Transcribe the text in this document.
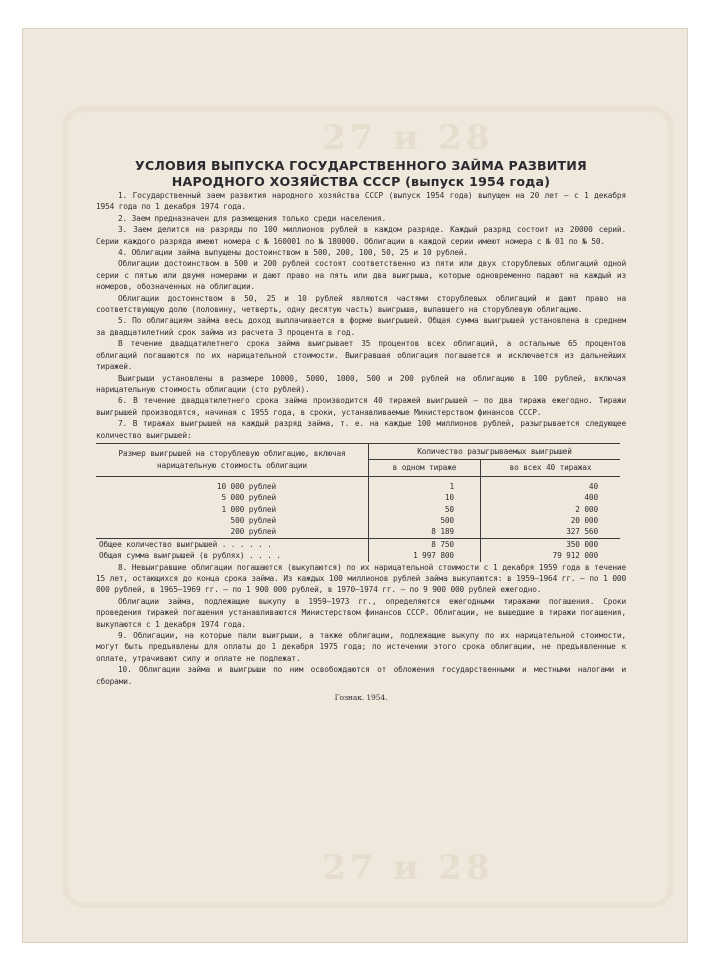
27 и 28
27 и 28
УСЛОВИЯ ВЫПУСКА ГОСУДАРСТВЕННОГО ЗАЙМА РАЗВИТИЯ
НАРОДНОГО ХОЗЯЙСТВА СССР (выпуск 1954 года)

1. Государственный заем развития народного хозяйства СССР (выпуск 1954 года) выпущен на 20 лет — с 1 декабря 1954 года по 1 декабря 1974 года.

2. Заем предназначен для размещения только среди населения.

3. Заем делится на разряды по 100 миллионов рублей в каждом разряде. Каждый разряд состоит из 20000 серий. Серии каждого разряда имеют номера с № 160001 по № 180000. Облигации в каждой серии имеют номера с № 01 по № 50.

4. Облигации займа выпущены достоинством в 500, 200, 100, 50, 25 и 10 рублей.

Облигации достоинством в 500 и 200 рублей состоят соответственно из пяти или двух сторублевых облигаций одной серии с пятью или двумя номерами и дают право на пять или два выигрыша, которые одновременно падают на каждый из номеров, обозначенных на облигации.

Облигации достоинством в 50, 25 и 10 рублей являются частями сторублевых облигаций и дают право на соответствующую долю (половину, четверть, одну десятую часть) выигрыша, выпавшего на сторублевую облигацию.

5. По облигациям займа весь доход выплачивается в форме выигрышей. Общая сумма выигрышей установлена в среднем за двадцатилетний срок займа из расчета 3 процента в год.

В течение двадцатилетнего срока займа выигрывает 35 процентов всех облигаций, а остальные 65 процентов облигаций погашаются по их нарицательной стоимости. Выигравшая облигация погашается и исключается из дальнейших тиражей.

Выигрыши установлены в размере 10000, 5000, 1000, 500 и 200 рублей на облигацию в 100 рублей, включая нарицательную стоимость облигации (сто рублей).

6. В течение двадцатилетнего срока займа производится 40 тиражей выигрышей — по два тиража ежегодно. Тиражи выигрышей производятся, начиная с 1955 года, в сроки, устанавливаемые Министерством финансов СССР.

7. В тиражах выигрышей на каждый разряд займа, т. е. на каждые 100 миллионов рублей, разыгрывается следующее количество выигрышей:

Размер выигрышей на сторублевую облигацию, включая нарицательную стоимость облигации	Количество разыгрываемых выигрышей	
	в одном тираже	во всех 40 тиражах
10 000 рублей	1	40
5 000 рублей	10	400
1 000 рублей	50	2 000
500 рублей	500	20 000
200 рублей	8 189	327 560
Общее количество выигрышей . . . . . .	8 750	350 000
Общая сумма выигрышей (в рублях) . . . .	1 997 800	79 912 000

8. Невыигравшие облигации погашаются (выкупаются) по их нарицательной стоимости с 1 декабря 1959 года в течение 15 лет, остающихся до конца срока займа. Из каждых 100 миллионов рублей займа выкупаются: в 1959—1964 гг. — по 1 000 000 рублей, в 1965—1969 гг. — по 1 900 000 рублей, в 1970—1974 гг. — по 9 900 000 рублей ежегодно.

Облигации займа, подлежащие выкупу в 1959—1973 гг., определяются ежегодными тиражами погашения. Сроки проведения тиражей погашения устанавливаются Министерством финансов СССР. Облигации, не вышедшие в тиражи погашения, выкупаются с 1 декабря 1974 года.

9. Облигации, на которые пали выигрыши, а также облигации, подлежащие выкупу по их нарицательной стоимости, могут быть предъявлены для оплаты до 1 декабря 1975 года; по истечении этого срока облигации, не предъявленные к оплате, утрачивают силу и оплате не подлежат.

10. Облигации займа и выигрыши по ним освобождаются от обложения государственными и местными налогами и сборами.

Гознак. 1954.
